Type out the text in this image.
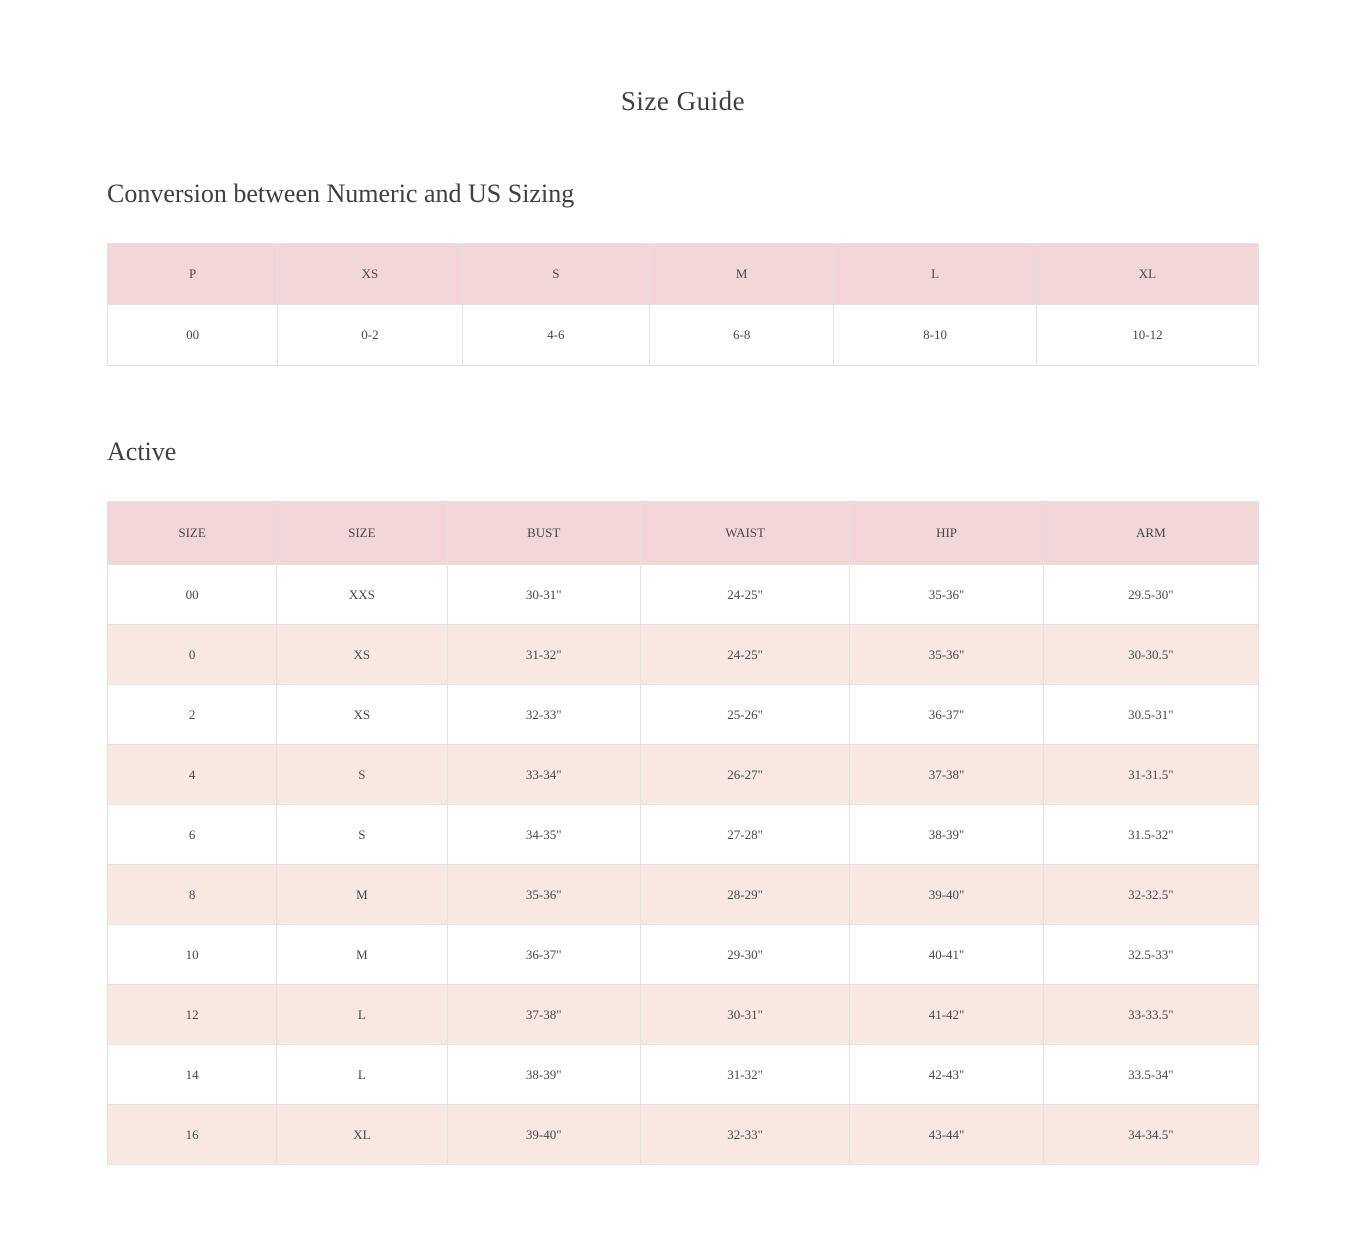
Size Guide
Conversion between Numeric and US Sizing
P	XS	S	M	L	XL
00	0-2	4-6	6-8	8-10	10-12
Active
SIZE	SIZE	BUST	WAIST	HIP	ARM
00	XXS	30-31"	24-25"	35-36"	29.5-30"
0	XS	31-32"	24-25"	35-36"	30-30.5"
2	XS	32-33"	25-26"	36-37"	30.5-31"
4	S	33-34"	26-27"	37-38"	31-31.5"
6	S	34-35"	27-28"	38-39"	31.5-32"
8	M	35-36"	28-29"	39-40"	32-32.5"
10	M	36-37"	29-30"	40-41"	32.5-33"
12	L	37-38"	30-31"	41-42"	33-33.5"
14	L	38-39"	31-32"	42-43"	33.5-34"
16	XL	39-40"	32-33"	43-44"	34-34.5"
